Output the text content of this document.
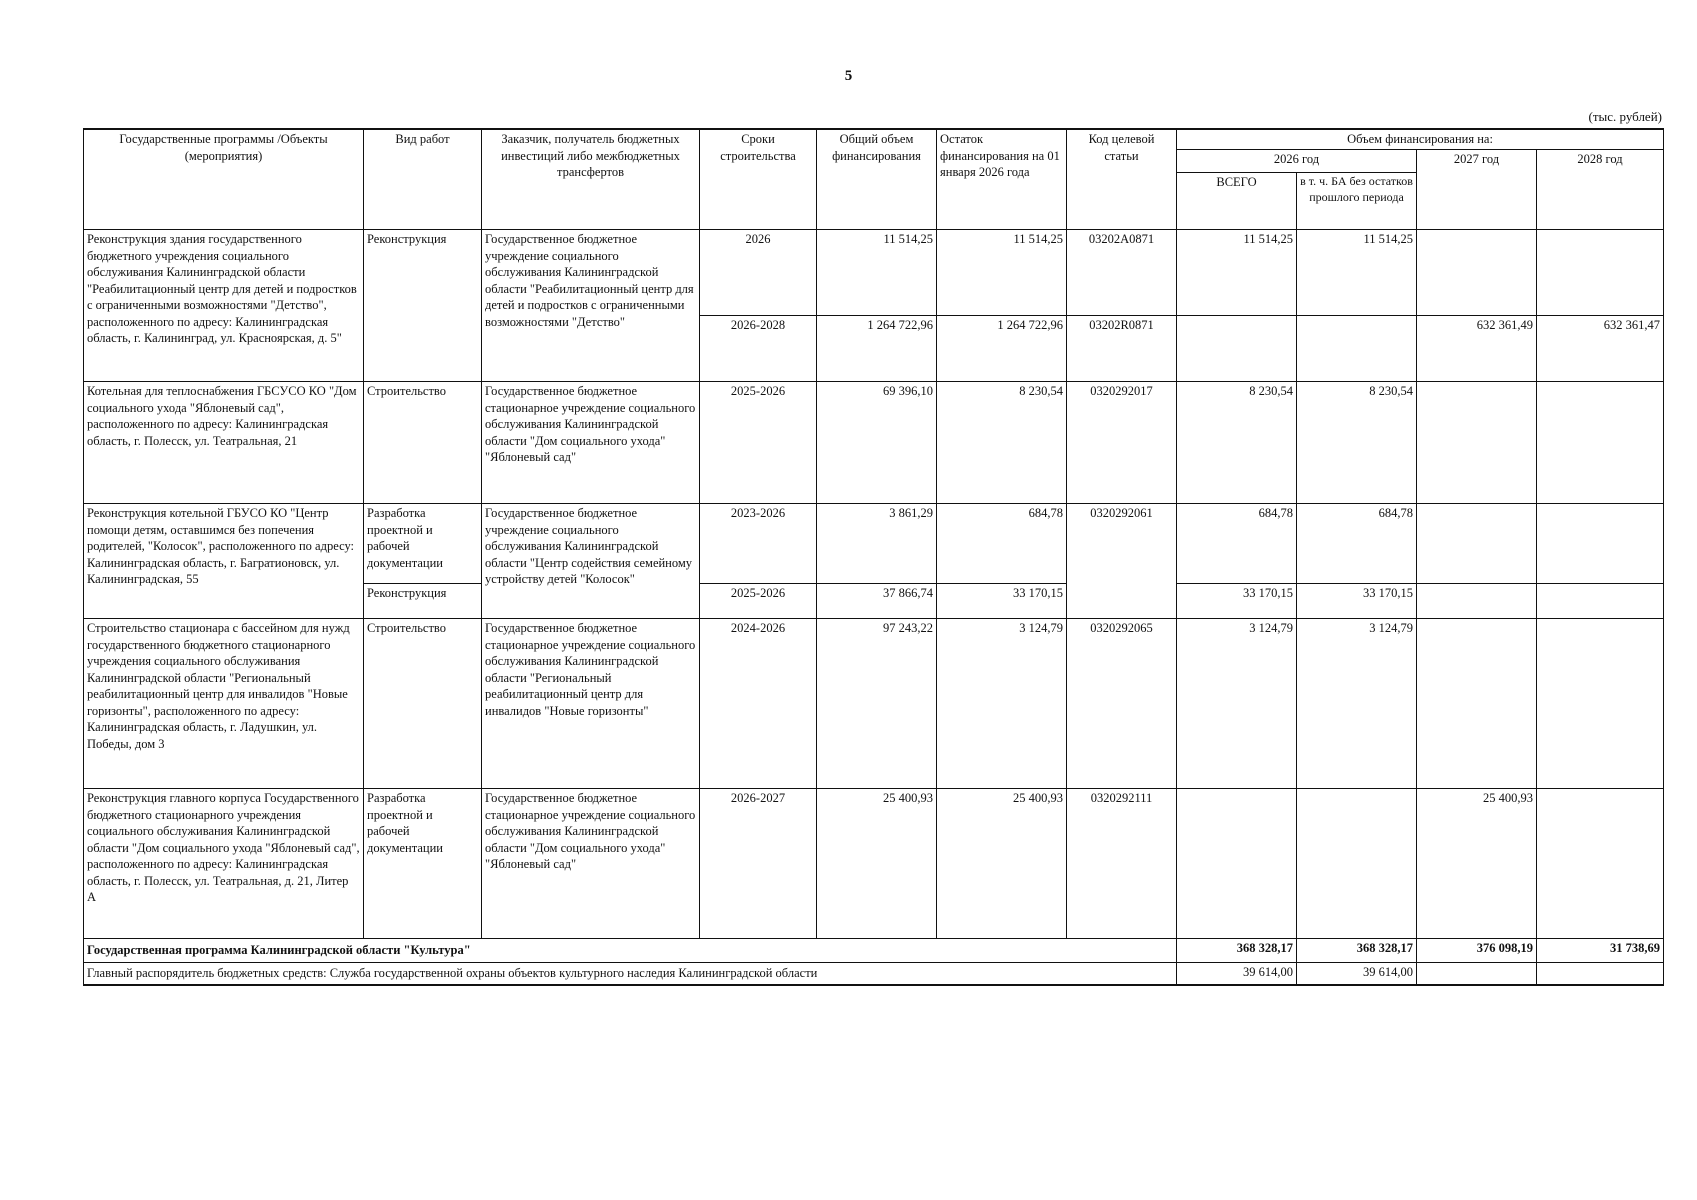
5
(тыс. рублей)
Государственные программы /Объекты (мероприятия)	Вид работ	Заказчик, получатель бюджетных инвестиций либо межбюджетных трансфертов	Сроки строительства	Общий объем финансирования	Остаток финансирования на 01 января 2026 года	Код целевой статьи	Объем финансирования на:			
							2026 год		2027 год	2028 год
							ВСЕГО	в т. ч. БА без остатков прошлого периода		
Реконструкция здания государственного бюджетного учреждения социального обслуживания Калининградской области "Реабилитационный центр для детей и подростков с ограниченными возможностями "Детство", расположенного по адресу: Калининградская область, г. Калининград, ул. Красноярская, д. 5"	Реконструкция	Государственное бюджетное учреждение социального обслуживания Калининградской области "Реабилитационный центр для детей и подростков с ограниченными возможностями "Детство"	2026	11 514,25	11 514,25	03202A0871	11 514,25	11 514,25		
			2026-2028	1 264 722,96	1 264 722,96	03202R0871			632 361,49	632 361,47
Котельная для теплоснабжения ГБСУСО КО "Дом социального ухода "Яблоневый сад", расположенного по адресу: Калининградская область, г. Полесск, ул. Театральная, 21	Строительство	Государственное бюджетное стационарное учреждение социального обслуживания Калининградской области "Дом социального ухода" "Яблоневый сад"	2025-2026	69 396,10	8 230,54	0320292017	8 230,54	8 230,54		
Реконструкция котельной ГБУСО КО "Центр помощи детям, оставшимся без попечения родителей, "Колосок", расположенного по адресу: Калининградская область, г. Багратионовск, ул. Калининградская, 55	Разработка проектной и рабочей документации	Государственное бюджетное учреждение социального обслуживания Калининградской области "Центр содействия семейному устройству детей "Колосок"	2023-2026	3 861,29	684,78	0320292061	684,78	684,78		
	Реконструкция		2025-2026	37 866,74	33 170,15		33 170,15	33 170,15		
Строительство стационара с бассейном для нужд государственного бюджетного стационарного учреждения социального обслуживания Калининградской области "Региональный реабилитационный центр для инвалидов "Новые горизонты", расположенного по адресу: Калининградская область, г. Ладушкин, ул. Победы, дом 3	Строительство	Государственное бюджетное стационарное учреждение социального обслуживания Калининградской области "Региональный реабилитационный центр для инвалидов "Новые горизонты"	2024-2026	97 243,22	3 124,79	0320292065	3 124,79	3 124,79		
Реконструкция главного корпуса Государственного бюджетного стационарного учреждения социального обслуживания Калининградской области "Дом социального ухода "Яблоневый сад", расположенного по адресу: Калининградская область, г. Полесск, ул. Театральная, д. 21, Литер А	Разработка проектной и рабочей документации	Государственное бюджетное стационарное учреждение социального обслуживания Калининградской области "Дом социального ухода" "Яблоневый сад"	2026-2027	25 400,93	25 400,93	0320292111			25 400,93	
Государственная программа Калининградской области "Культура"							368 328,17	368 328,17	376 098,19	31 738,69
Главный распорядитель бюджетных средств: Служба государственной охраны объектов культурного наследия Калининградской области							39 614,00	39 614,00		
